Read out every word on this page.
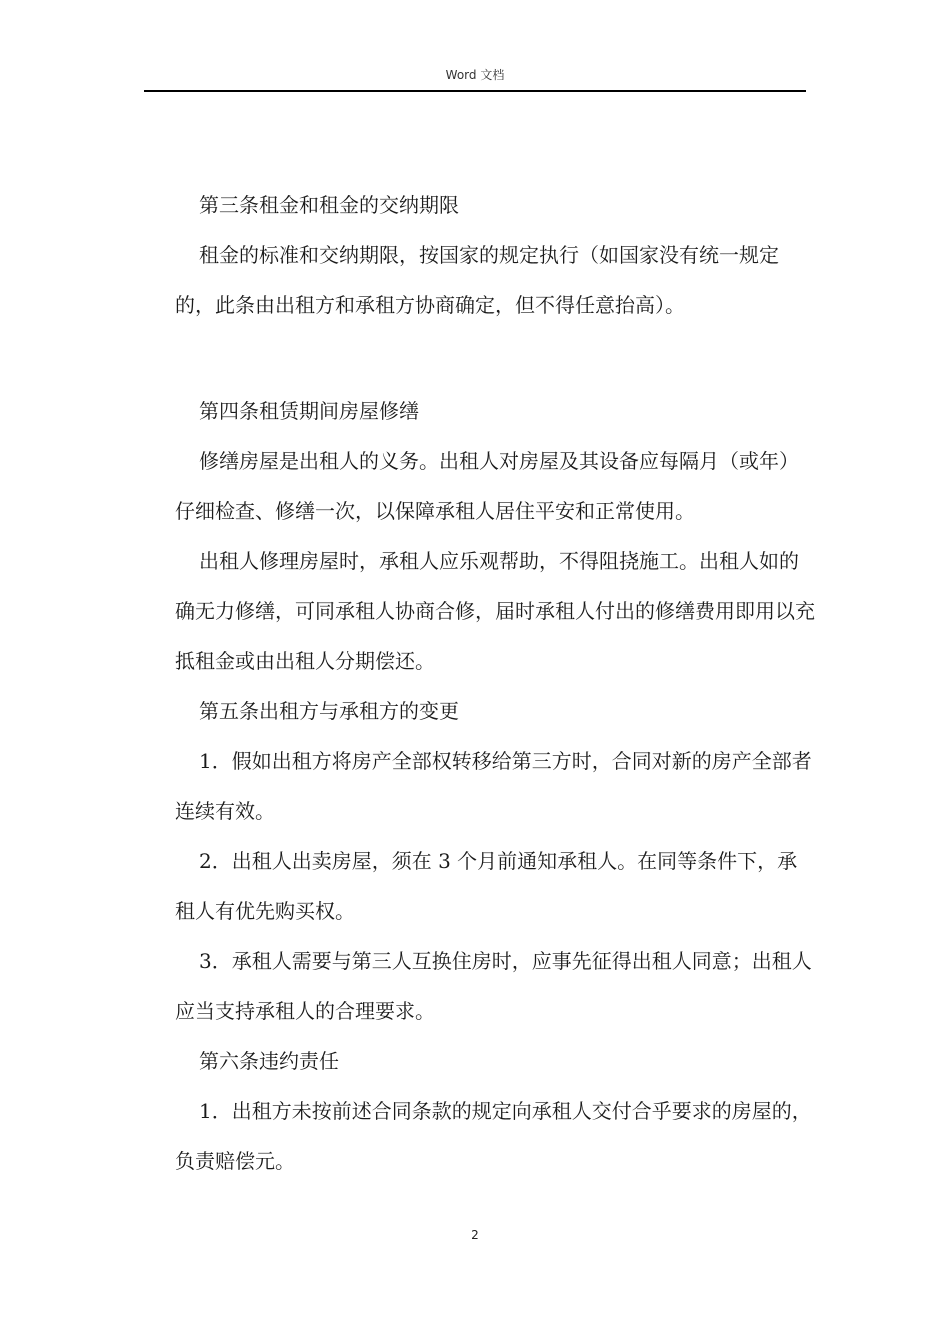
Word 文档

第三条租金和租金的交纳期限

租金的标准和交纳期限，按国家的规定执行（如国家没有统一规定的，此条由出租方和承租方协商确定，但不得任意抬高）。

第四条租赁期间房屋修缮

修缮房屋是出租人的义务。出租人对房屋及其设备应每隔月（或年）仔细检查、修缮一次，以保障承租人居住平安和正常使用。

出租人修理房屋时，承租人应乐观帮助，不得阻挠施工。出租人如的确无力修缮，可同承租人协商合修，届时承租人付出的修缮费用即用以充抵租金或由出租人分期偿还。

第五条出租方与承租方的变更

1．假如出租方将房产全部权转移给第三方时，合同对新的房产全部者连续有效。

2．出租人出卖房屋，须在 3 个月前通知承租人。在同等条件下，承租人有优先购买权。

3．承租人需要与第三人互换住房时，应事先征得出租人同意；出租人应当支持承租人的合理要求。

第六条违约责任

1．出租方未按前述合同条款的规定向承租人交付合乎要求的房屋的，负责赔偿元。

2
